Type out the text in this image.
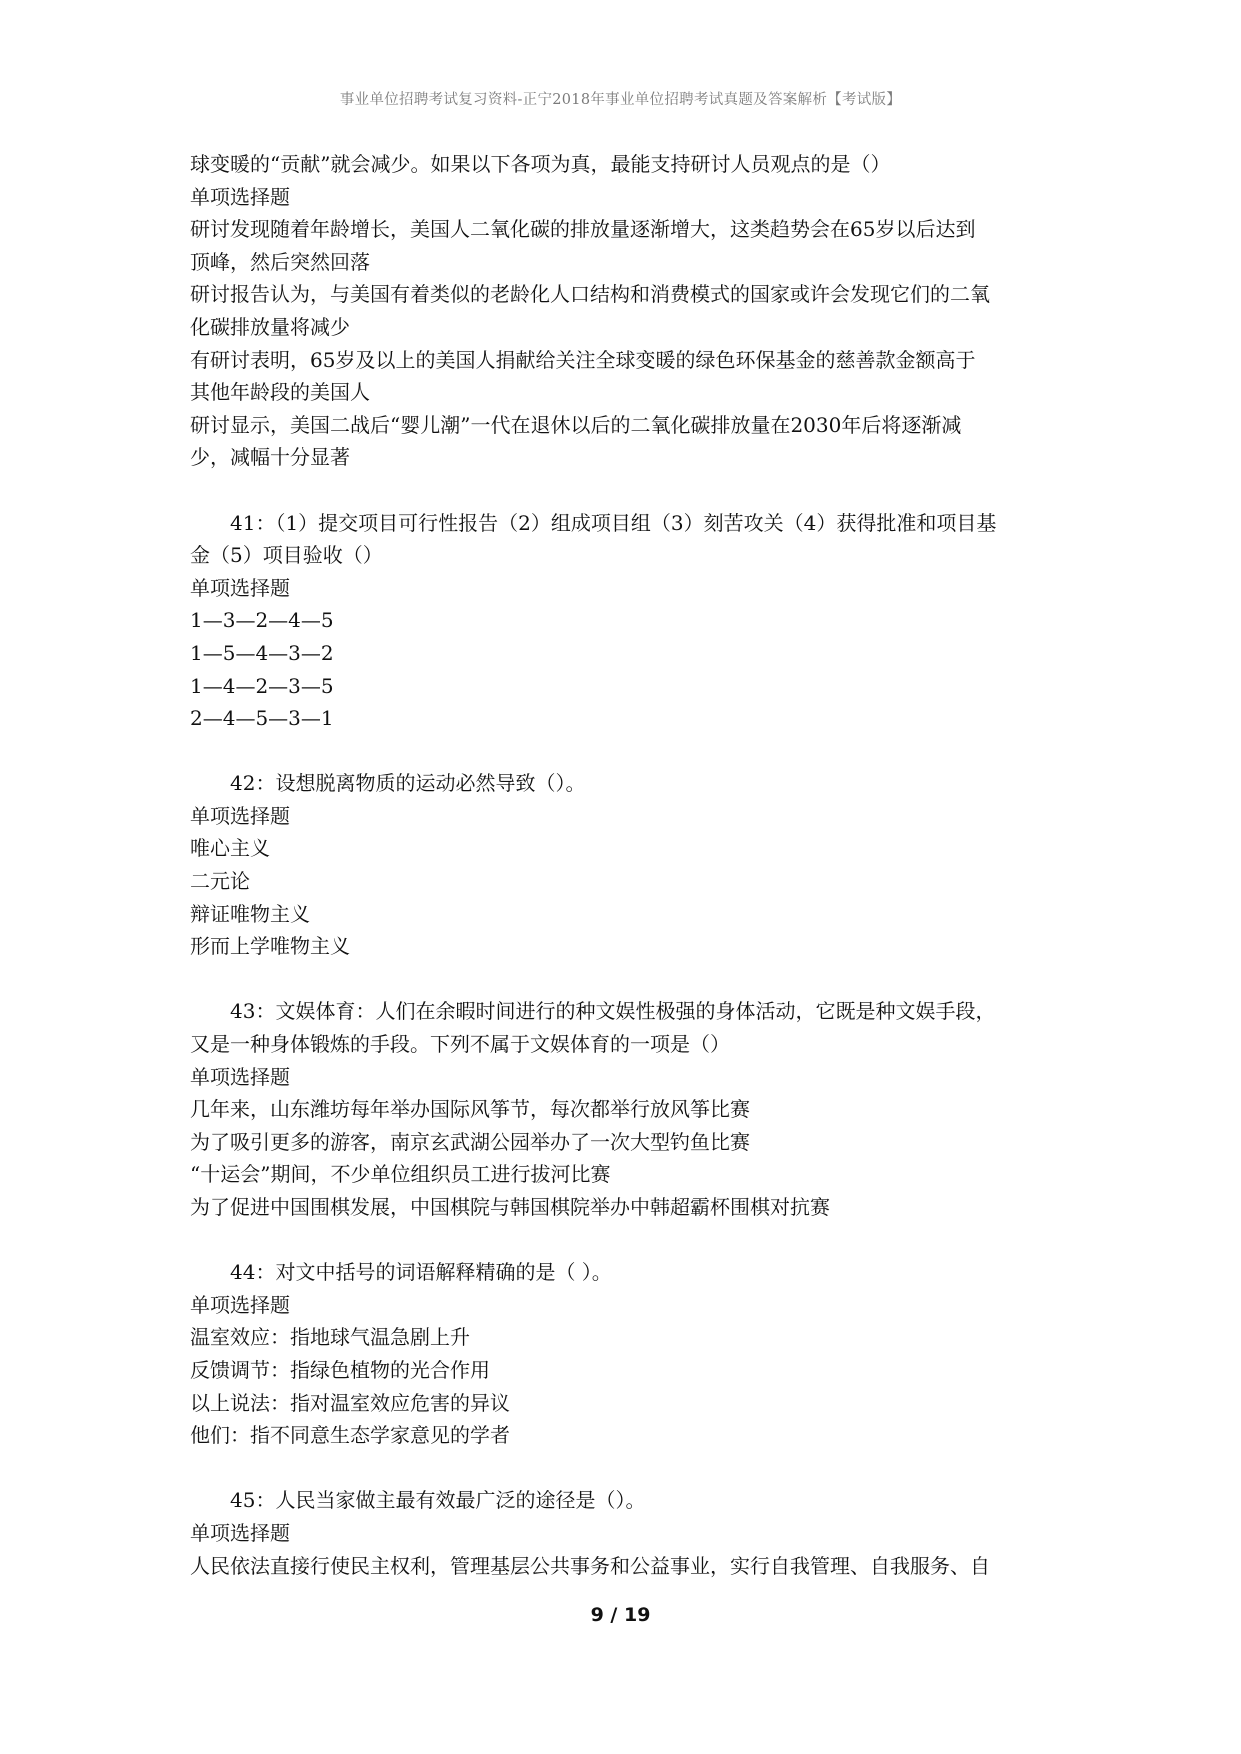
事业单位招聘考试复习资料-正宁2018年事业单位招聘考试真题及答案解析【考试版】
球变暖的“贡献”就会减少。如果以下各项为真，最能支持研讨人员观点的是（）
单项选择题
研讨发现随着年龄增长，美国人二氧化碳的排放量逐渐增大，这类趋势会在65岁以后达到
顶峰，然后突然回落
研讨报告认为，与美国有着类似的老龄化人口结构和消费模式的国家或许会发现它们的二氧
化碳排放量将减少
有研讨表明，65岁及以上的美国人捐献给关注全球变暖的绿色环保基金的慈善款金额高于
其他年龄段的美国人
研讨显示，美国二战后“婴儿潮”一代在退休以后的二氧化碳排放量在2030年后将逐渐减
少，减幅十分显著
41：（1）提交项目可行性报告（2）组成项目组（3）刻苦攻关（4）获得批准和项目基
金（5）项目验收（）
单项选择题
1—3—2—4—5
1—5—4—3—2
1—4—2—3—5
2—4—5—3—1
42：设想脱离物质的运动必然导致（）。
单项选择题
唯心主义
二元论
辩证唯物主义
形而上学唯物主义
43：文娱体育：人们在余暇时间进行的种文娱性极强的身体活动，它既是种文娱手段，
又是一种身体锻炼的手段。下列不属于文娱体育的一项是（）
单项选择题
几年来，山东潍坊每年举办国际风筝节，每次都举行放风筝比赛
为了吸引更多的游客，南京玄武湖公园举办了一次大型钓鱼比赛
“十运会”期间，不少单位组织员工进行拔河比赛
为了促进中国围棋发展，中国棋院与韩国棋院举办中韩超霸杯围棋对抗赛
44：对文中括号的词语解释精确的是（ ）。
单项选择题
温室效应：指地球气温急剧上升
反馈调节：指绿色植物的光合作用
以上说法：指对温室效应危害的异议
他们：指不同意生态学家意见的学者
45：人民当家做主最有效最广泛的途径是（）。
单项选择题
人民依法直接行使民主权利，管理基层公共事务和公益事业，实行自我管理、自我服务、自
9 / 19
